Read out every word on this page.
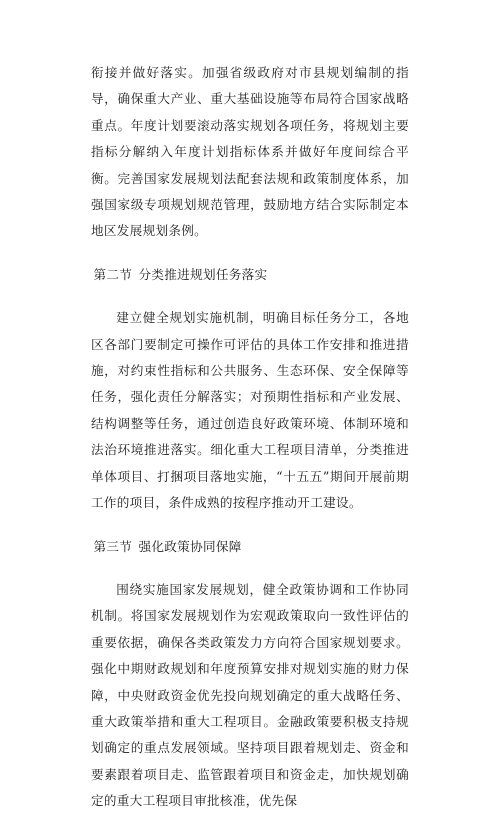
衔接并做好落实。加强省级政府对市县规划编制的指导，确保重大产业、重大基础设施等布局符合国家战略重点。年度计划要滚动落实规划各项任务，将规划主要指标分解纳入年度计划指标体系并做好年度间综合平衡。完善国家发展规划法配套法规和政策制度体系，加强国家级专项规划规范管理，鼓励地方结合实际制定本地区发展规划条例。

第二节 分类推进规划任务落实

建立健全规划实施机制，明确目标任务分工，各地区各部门要制定可操作可评估的具体工作安排和推进措施，对约束性指标和公共服务、生态环保、安全保障等任务，强化责任分解落实；对预期性指标和产业发展、结构调整等任务，通过创造良好政策环境、体制环境和法治环境推进落实。细化重大工程项目清单，分类推进单体项目、打捆项目落地实施，“十五五”期间开展前期工作的项目，条件成熟的按程序推动开工建设。

第三节 强化政策协同保障

围绕实施国家发展规划，健全政策协调和工作协同机制。将国家发展规划作为宏观政策取向一致性评估的重要依据，确保各类政策发力方向符合国家规划要求。强化中期财政规划和年度预算安排对规划实施的财力保障，中央财政资金优先投向规划确定的重大战略任务、重大政策举措和重大工程项目。金融政策要积极支持规划确定的重点发展领域。坚持项目跟着规划走、资金和要素跟着项目走、监管跟着项目和资金走，加快规划确定的重大工程项目审批核准，优先保
